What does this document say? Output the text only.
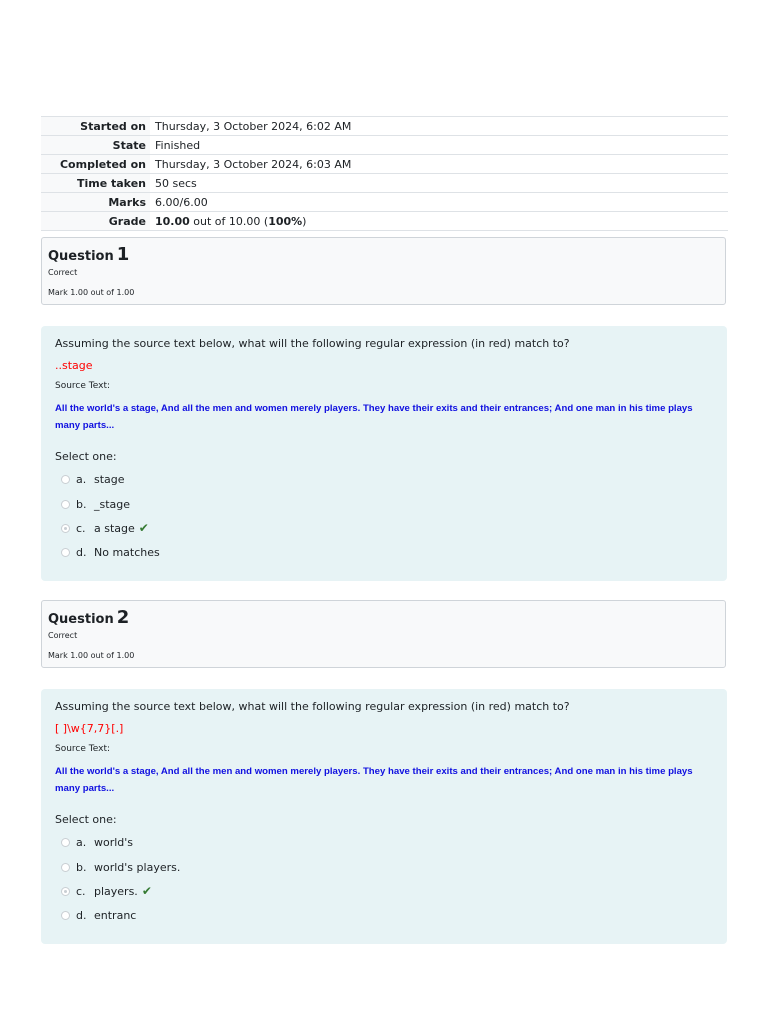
Started on	Thursday, 3 October 2024, 6:02 AM
State	Finished
Completed on	Thursday, 3 October 2024, 6:03 AM
Time taken	50 secs
Marks	6.00/6.00
Grade	10.00 out of 10.00 (100%)
Question 1
Correct
Mark 1.00 out of 1.00
Assuming the source text below, what will the following regular expression (in red) match to?
..stage
Source Text:
All the world's a stage, And all the men and women merely players. They have their exits and their entrances; And one man in his time plays many parts...
Select one:
a. stage
b. _stage
c. a stage ✔
d. No matches
Question 2
Correct
Mark 1.00 out of 1.00
Assuming the source text below, what will the following regular expression (in red) match to?
[ ]\w{7,7}[.]
Source Text:
All the world's a stage, And all the men and women merely players. They have their exits and their entrances; And one man in his time plays many parts...
Select one:
a. world's
b. world's players.
c. players. ✔
d. entranc
